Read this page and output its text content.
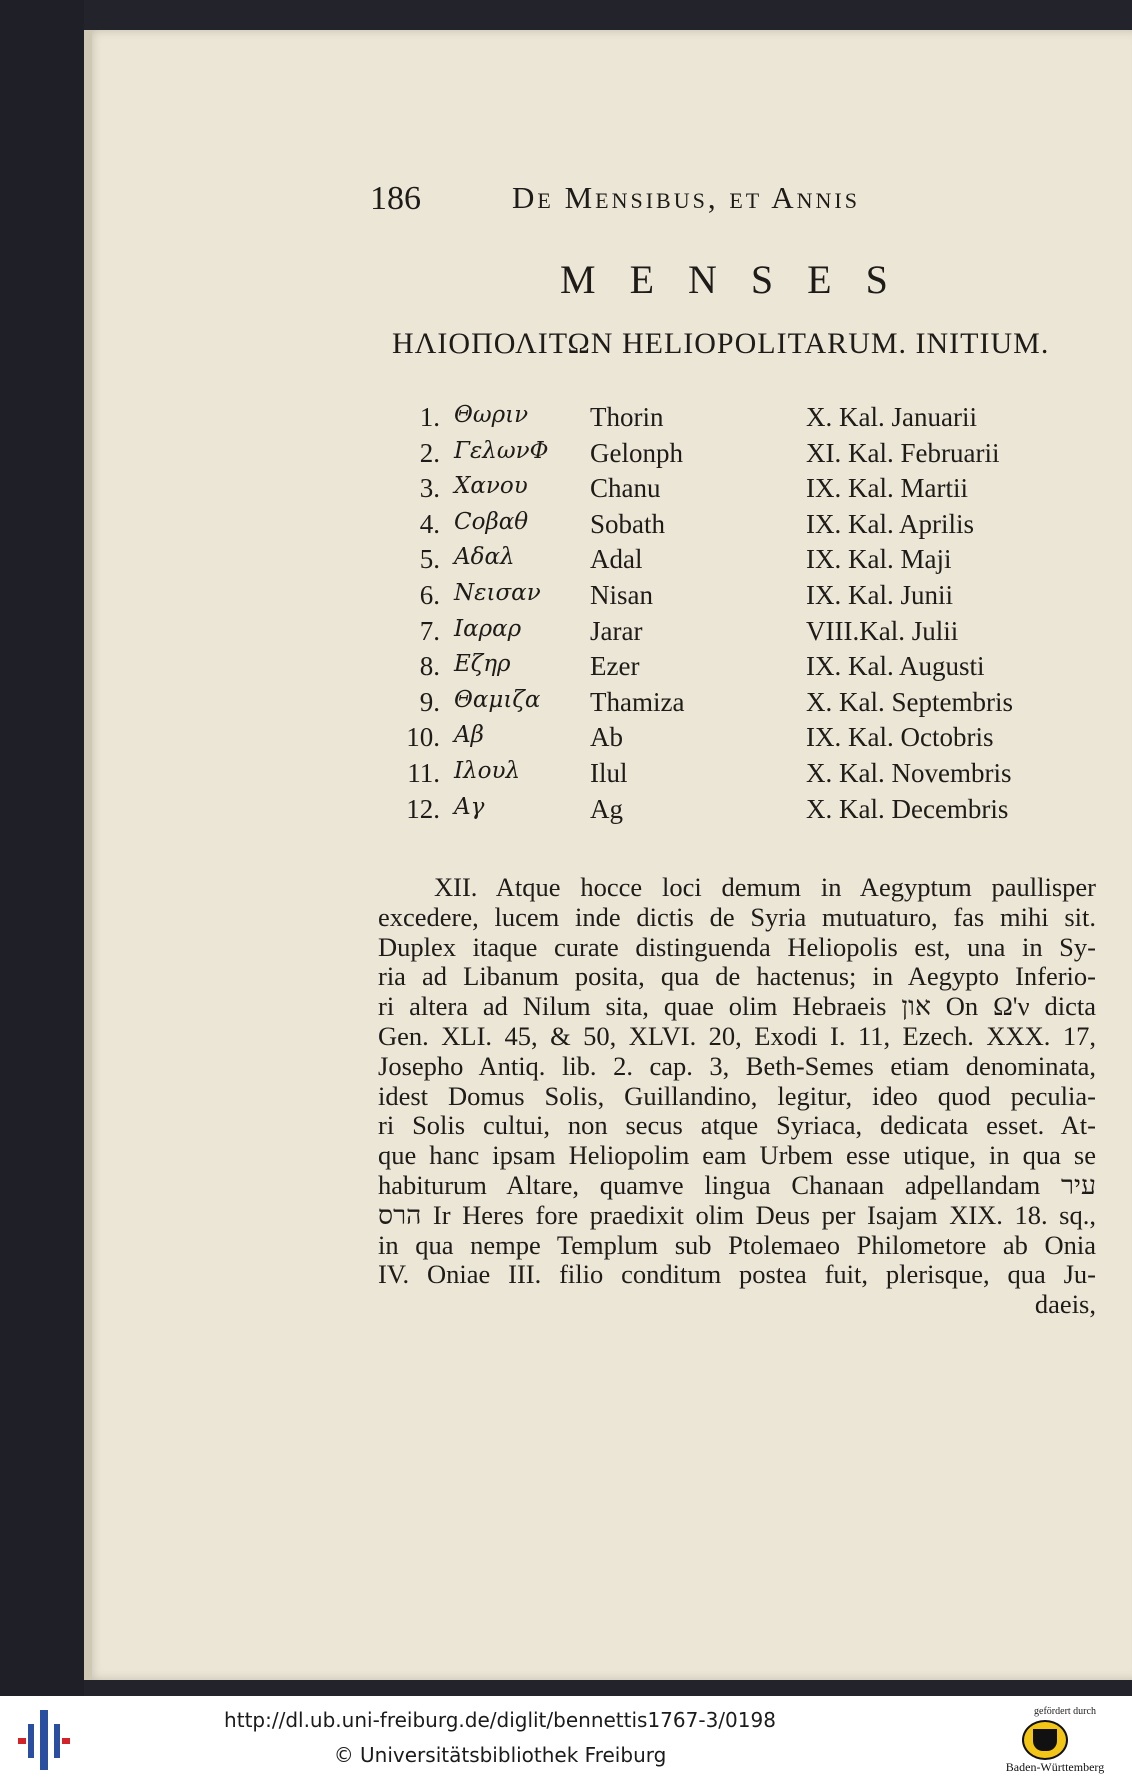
186	De Mensibus, et Annis
MENSES
ΗΛΙΟΠΟΛΙΤΩΝ HELIOPOLITARUM. INITIUM.
1. Θωριν Thorin	X. Kal. Januarii
2. ΓελωνΦ Gelonph	XI. Kal. Februarii
3. Χανου Chanu	IX. Kal. Martii
4. Cοβαθ Sobath	IX. Kal. Aprilis
5. Αδαλ	Adal	IX. Kal. Maji
6. Νεισαν Nisan	IX. Kal. Junii
7. Ιαραρ	Jarar	VIII.Kal. Julii
8. Εζηρ	Ezer	IX. Kal. Augusti
9. Θαμιζα Thamiza	X. Kal. Septembris
10. Αβ	Ab	IX. Kal. Octobris
11. Ιλουλ	Ilul	X. Kal. Novembris
12. Αγ	Ag	X. Kal. Decembris
XII. Atque hocce loci demum in Aegyptum paullisper
excedere, lucem inde dictis de Syria mutuaturo, fas mihi sit.
Duplex itaque curate distinguenda Heliopolis est, una in Sy-
ria ad Libanum posita, qua de hactenus; in Aegypto Inferio-
ri altera ad Nilum sita, quae olim Hebraeis און On Ω'ν dicta
Gen. XLI. 45, & 50, XLVI. 20, Exodi I. 11, Ezech. XXX. 17,
Josepho Antiq. lib. 2. cap. 3, Beth-Semes etiam denominata,
idest Domus Solis, Guillandino, legitur, ideo quod peculia-
ri Solis cultui, non secus atque Syriaca, dedicata esset. At-
que hanc ipsam Heliopolim eam Urbem esse utique, in qua se
habiturum Altare, quamve lingua Chanaan adpellandam עיר
הרס Ir Heres fore praedixit olim Deus per Isajam XIX. 18. sq.,
in qua nempe Templum sub Ptolemaeo Philometore ab Onia
IV. Oniae III. filio conditum postea fuit, plerisque, qua Ju-
daeis,
http://dl.ub.uni-freiburg.de/diglit/bennettis1767-3/0198
© Universitätsbibliothek Freiburg
gefördert durch
Baden-Württemberg
